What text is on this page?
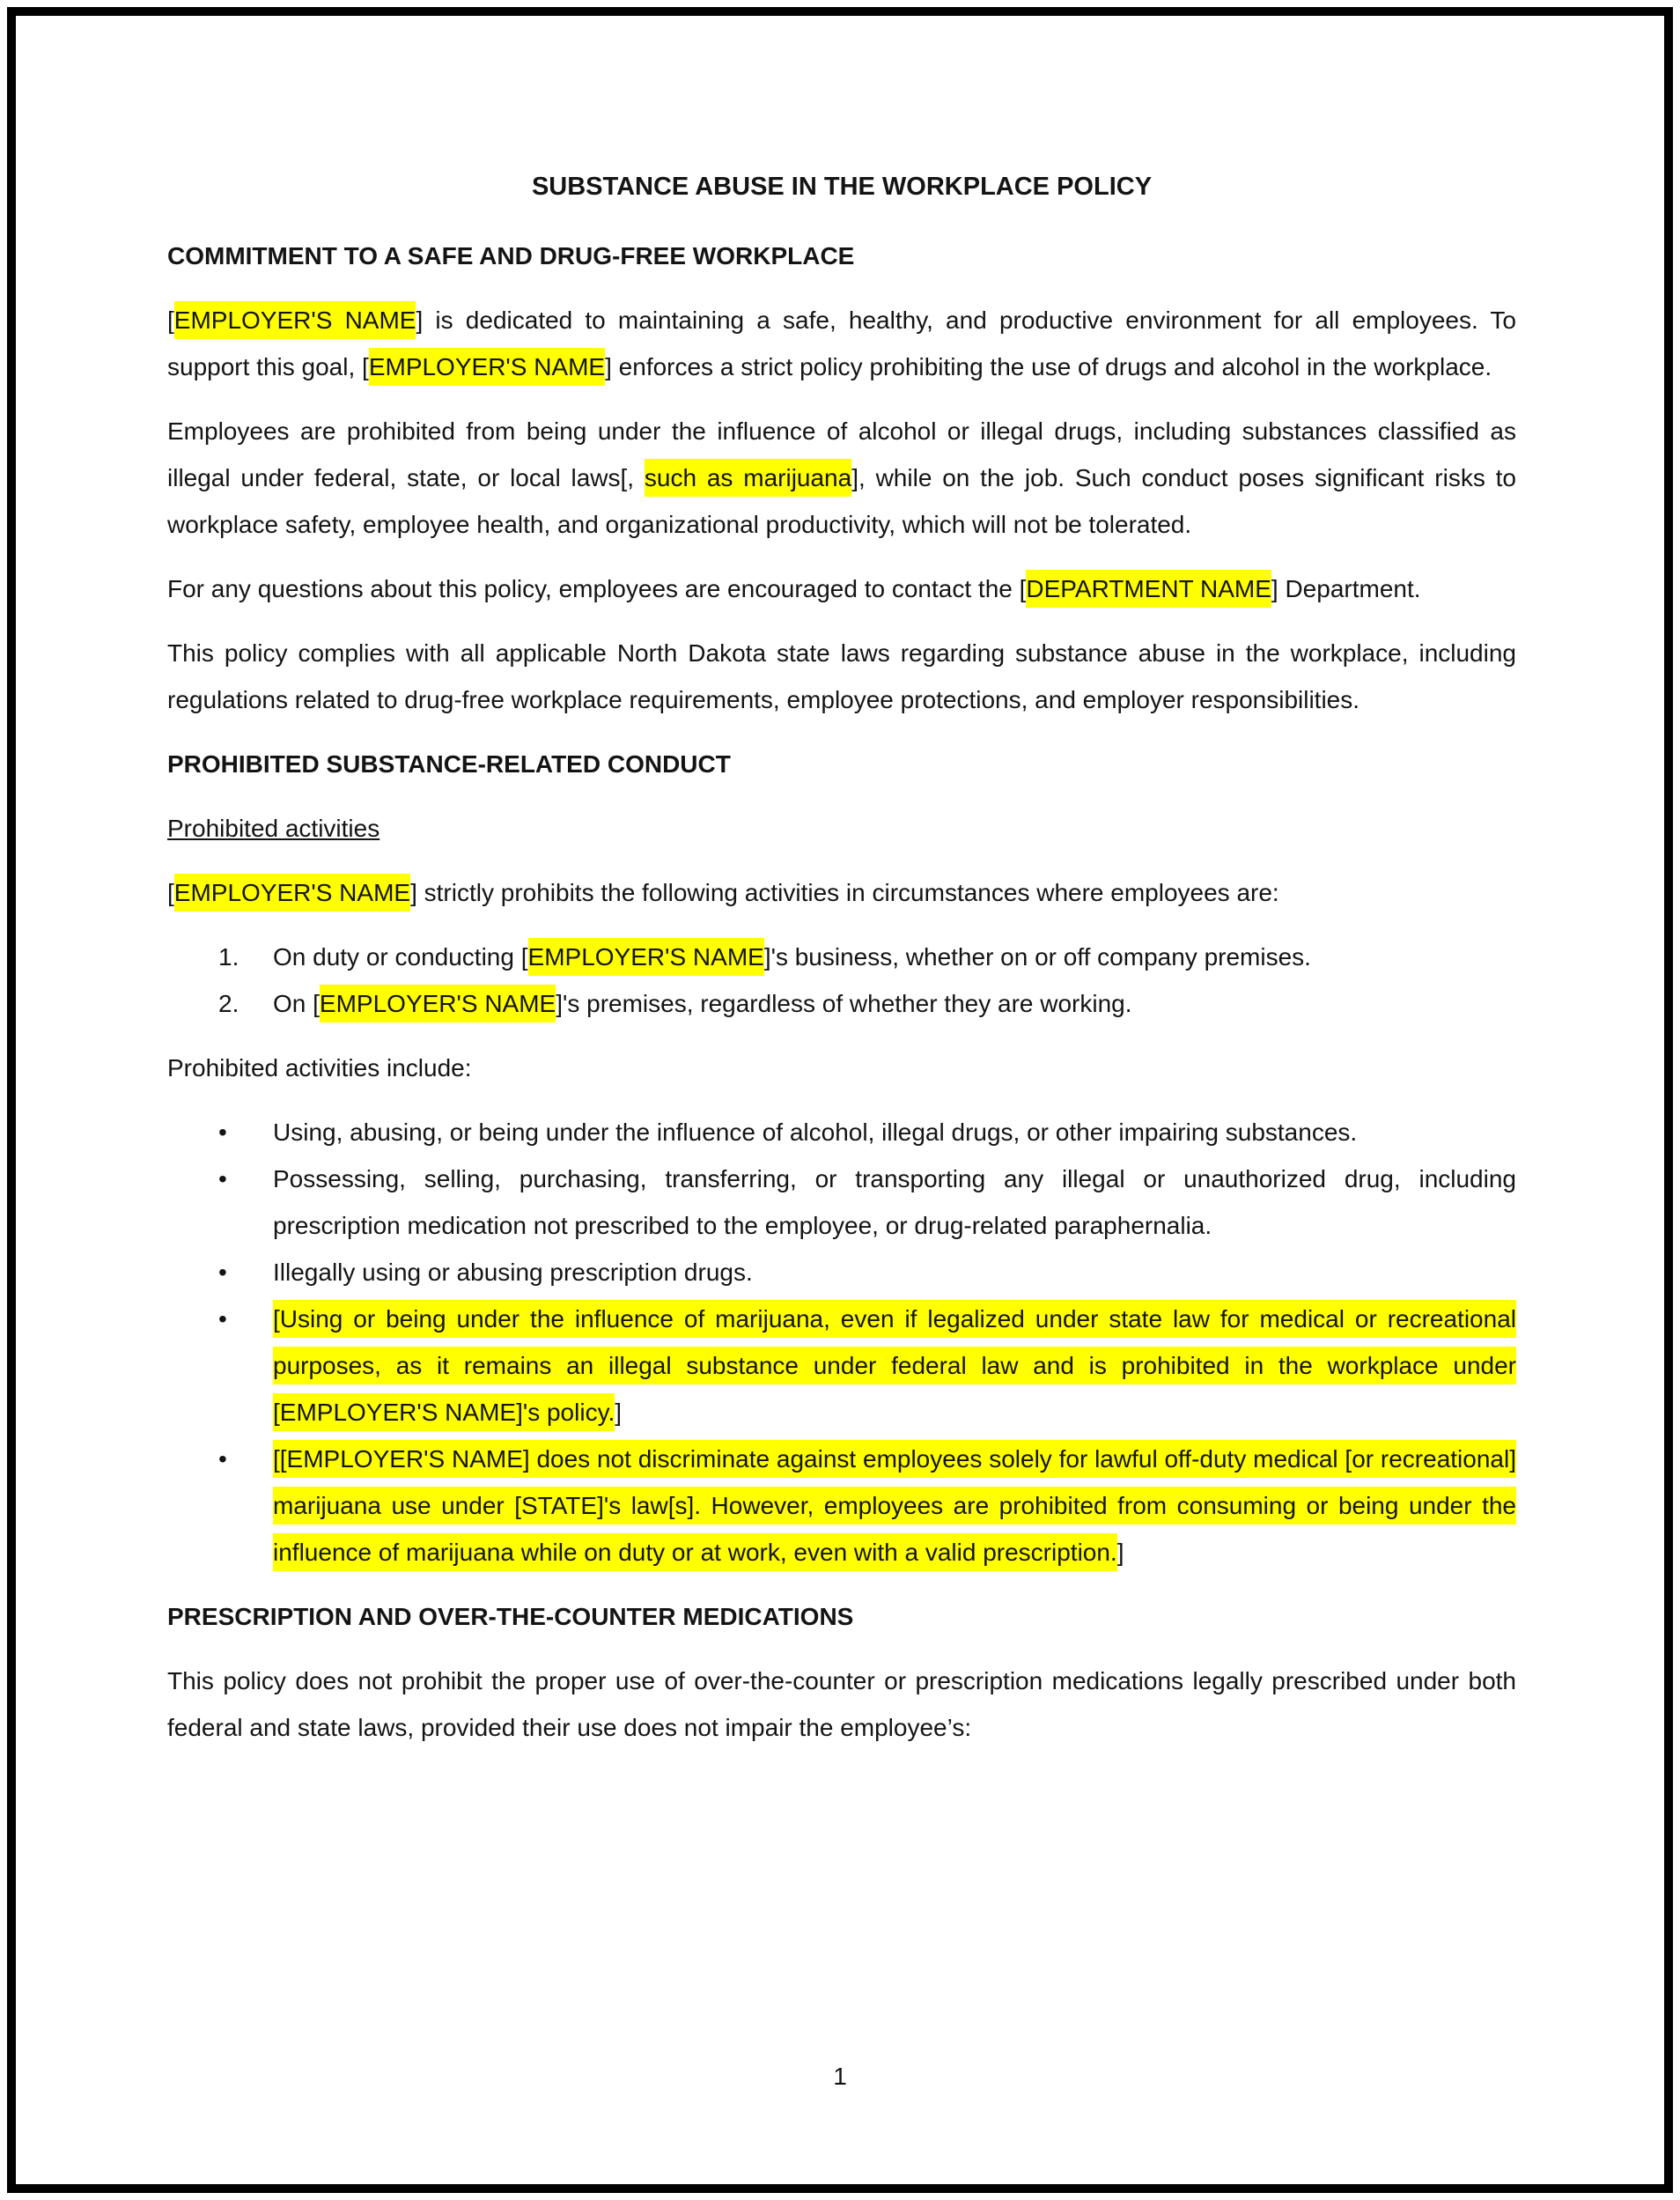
SUBSTANCE ABUSE IN THE WORKPLACE POLICY
COMMITMENT TO A SAFE AND DRUG-FREE WORKPLACE

[EMPLOYER'S NAME] is dedicated to maintaining a safe, healthy, and productive environment for all employees. To support this goal, [EMPLOYER'S NAME] enforces a strict policy prohibiting the use of drugs and alcohol in the workplace.

Employees are prohibited from being under the influence of alcohol or illegal drugs, including substances classified as illegal under federal, state, or local laws[, such as marijuana], while on the job. Such conduct poses significant risks to workplace safety, employee health, and organizational productivity, which will not be tolerated.

For any questions about this policy, employees are encouraged to contact the [DEPARTMENT NAME] Department.

This policy complies with all applicable North Dakota state laws regarding substance abuse in the workplace, including regulations related to drug-free workplace requirements, employee protections, and employer responsibilities.

PROHIBITED SUBSTANCE-RELATED CONDUCT
Prohibited activities

[EMPLOYER'S NAME] strictly prohibits the following activities in circumstances where employees are:

1. On duty or conducting [EMPLOYER'S NAME]'s business, whether on or off company premises.
2. On [EMPLOYER'S NAME]'s premises, regardless of whether they are working.

Prohibited activities include:

• Using, abusing, or being under the influence of alcohol, illegal drugs, or other impairing substances.
• Possessing, selling, purchasing, transferring, or transporting any illegal or unauthorized drug, including prescription medication not prescribed to the employee, or drug-related paraphernalia.
• Illegally using or abusing prescription drugs.
• [Using or being under the influence of marijuana, even if legalized under state law for medical or recreational purposes, as it remains an illegal substance under federal law and is prohibited in the workplace under [EMPLOYER'S NAME]'s policy.]
• [[EMPLOYER'S NAME] does not discriminate against employees solely for lawful off-duty medical [or recreational] marijuana use under [STATE]'s law[s]. However, employees are prohibited from consuming or being under the influence of marijuana while on duty or at work, even with a valid prescription.]
PRESCRIPTION AND OVER-THE-COUNTER MEDICATIONS

This policy does not prohibit the proper use of over-the-counter or prescription medications legally prescribed under both federal and state laws, provided their use does not impair the employee’s:

1
